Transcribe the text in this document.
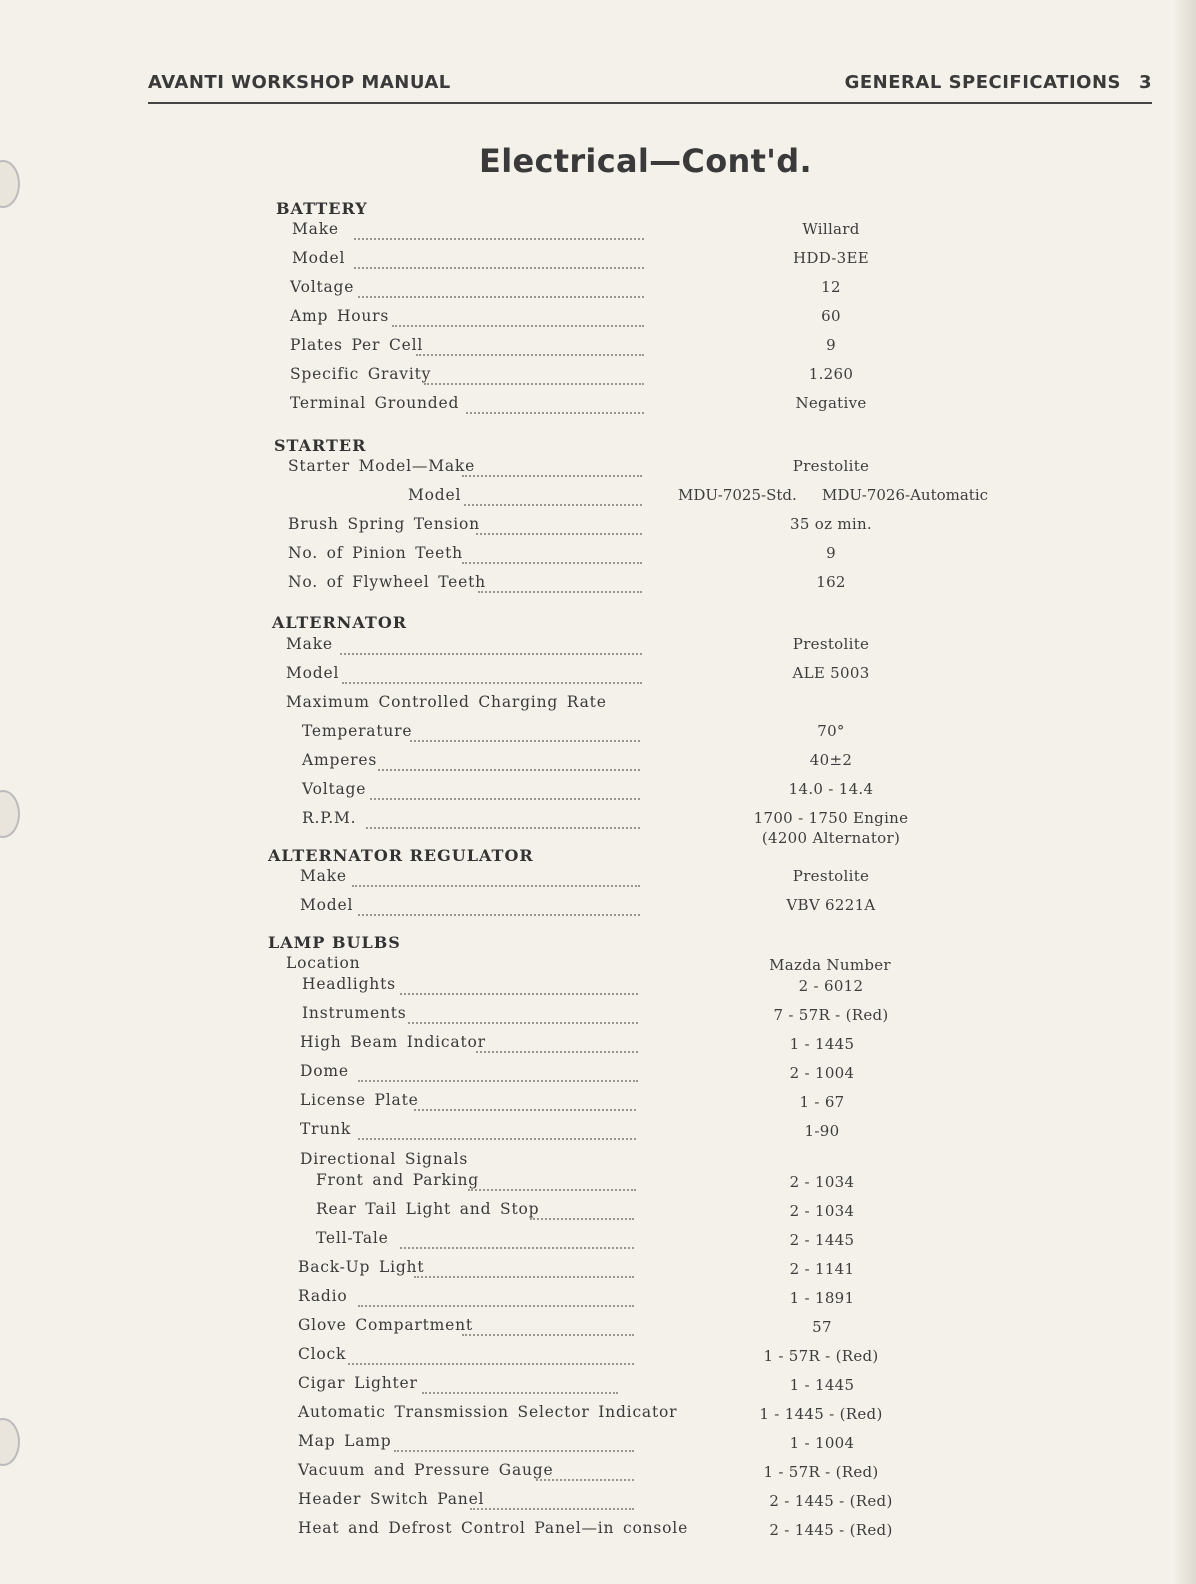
AVANTI WORKSHOP MANUAL	GENERAL SPECIFICATIONS 3
Electrical—Cont'd.
BATTERY
Make	Willard
Model	HDD-3EE
Voltage	12
Amp Hours	60
Plates Per Cell	9
Specific Gravity	1.260
Terminal Grounded	Negative
STARTER
Starter Model—Make	Prestolite
Model	MDU-7025-Std. MDU-7026-Automatic
Brush Spring Tension	35 oz min.
No. of Pinion Teeth	9
No. of Flywheel Teeth	162
ALTERNATOR
Make	Prestolite
Model	ALE 5003
Maximum Controlled Charging Rate
Temperature	70°
Amperes	40±2
Voltage	14.0 - 14.4
R.P.M.	1700 - 1750 Engine
(4200 Alternator)
ALTERNATOR REGULATOR
Make	Prestolite
Model	VBV 6221A
LAMP BULBS
Location	Mazda Number
Headlights	2 - 6012
Instruments	7 - 57R - (Red)
High Beam Indicator	1 - 1445
Dome	2 - 1004
License Plate	1 - 67
Trunk	1-90
Directional Signals
Front and Parking	2 - 1034
Rear Tail Light and Stop	2 - 1034
Tell-Tale	2 - 1445
Back-Up Light	2 - 1141
Radio	1 - 1891
Glove Compartment	57
Clock	1 - 57R - (Red)
Cigar Lighter	1 - 1445
Automatic Transmission Selector Indicator	1 - 1445 - (Red)
Map Lamp	1 - 1004
Vacuum and Pressure Gauge	1 - 57R - (Red)
Header Switch Panel	2 - 1445 - (Red)
Heat and Defrost Control Panel—in console	2 - 1445 - (Red)
